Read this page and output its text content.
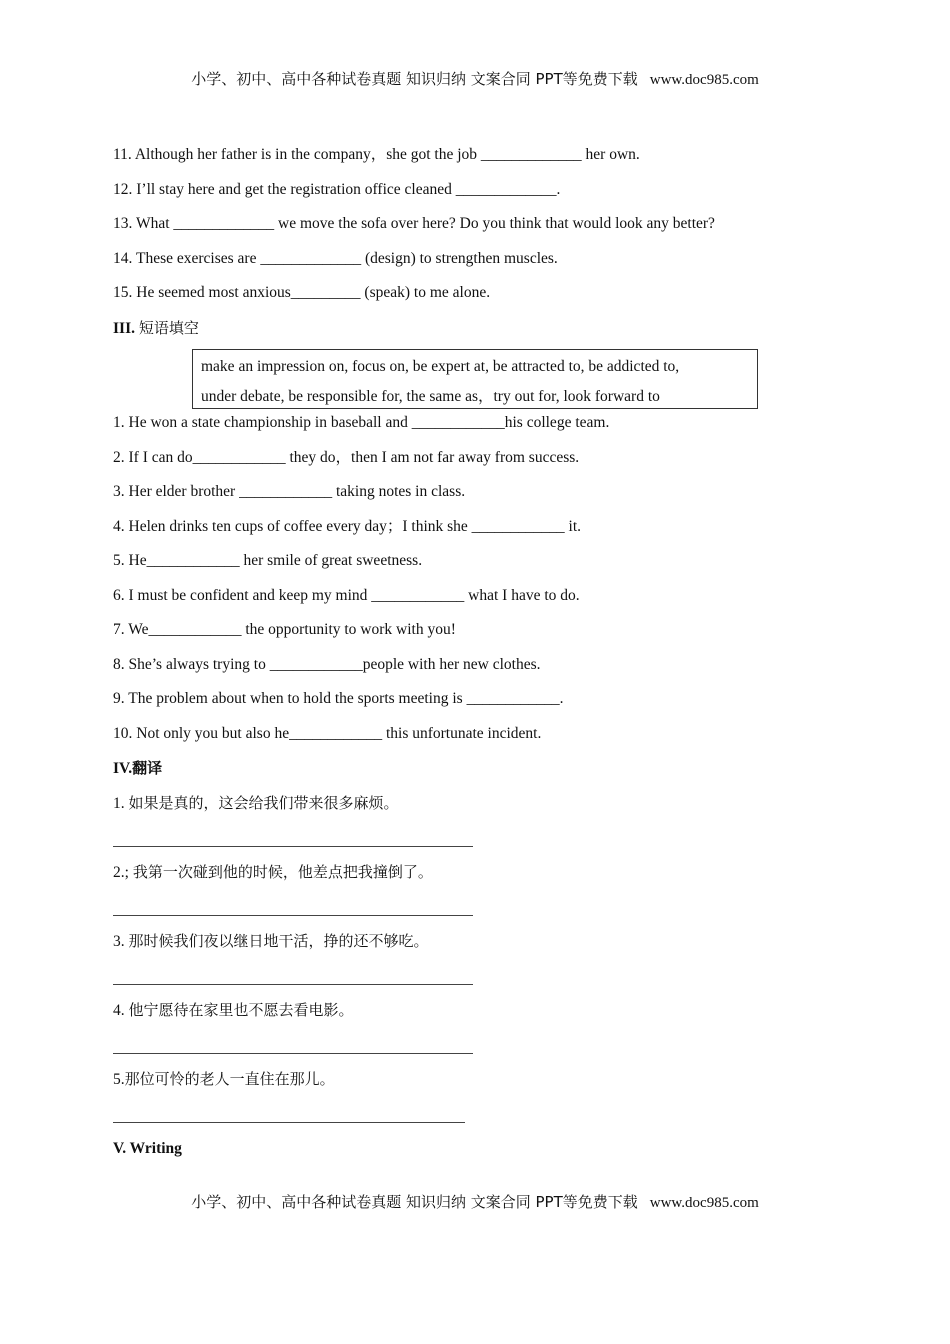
小学、初中、高中各种试卷真题 知识归纳 文案合同 PPT等免费下载 www.doc985.com
11. Although her father is in the company，she got the job _____________ her own.
12. I’ll stay here and get the registration office cleaned _____________.
13. What _____________ we move the sofa over here? Do you think that would look any better?
14. These exercises are _____________ (design) to strengthen muscles.
15. He seemed most anxious_________ (speak) to me alone.
III. 短语填空
make an impression on, focus on, be expert at, be attracted to, be addicted to,
under debate, be responsible for, the same as，try out for, look forward to
1. He won a state championship in baseball and ____________his college team.
2. If I can do____________ they do，then I am not far away from success.
3. Her elder brother ____________ taking notes in class.
4. Helen drinks ten cups of coffee every day；I think she ____________ it.
5. He____________ her smile of great sweetness.
6. I must be confident and keep my mind ____________ what I have to do.
7. We____________ the opportunity to work with you!
8. She’s always trying to ____________people with her new clothes.
9. The problem about when to hold the sports meeting is ____________.
10. Not only you but also he____________ this unfortunate incident.
IV.翻译
1. 如果是真的，这会给我们带来很多麻烦。
2.; 我第一次碰到他的时候，他差点把我撞倒了。
3. 那时候我们夜以继日地干活，挣的还不够吃。
4. 他宁愿待在家里也不愿去看电影。
5.那位可怜的老人一直住在那儿。
V. Writing
小学、初中、高中各种试卷真题 知识归纳 文案合同 PPT等免费下载 www.doc985.com
